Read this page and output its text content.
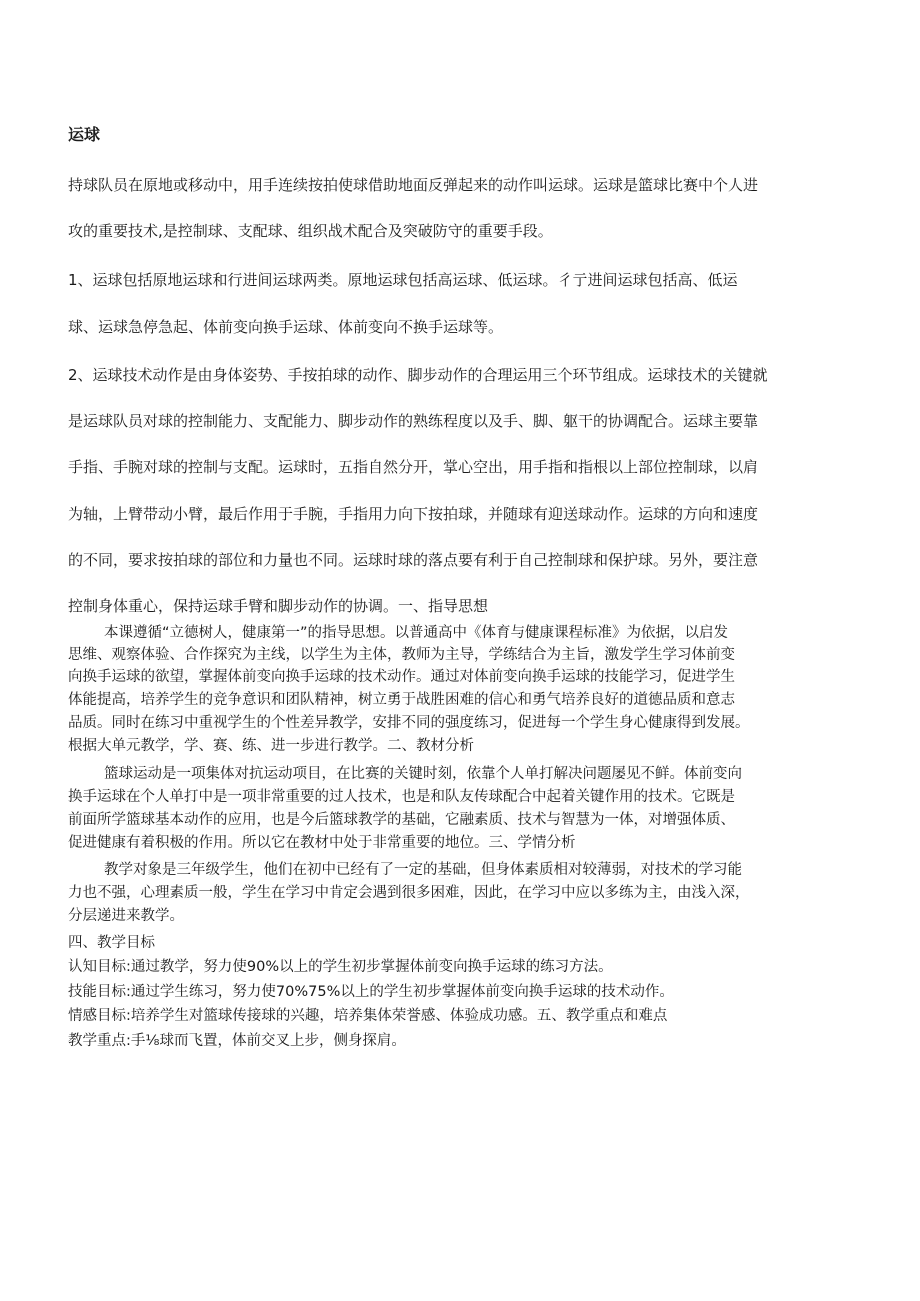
运球
持球队员在原地或移动中，用手连续按拍使球借助地面反弹起来的动作叫运球。运球是篮球比赛中个人进
攻的重要技术,是控制球、支配球、组织战术配合及突破防守的重要手段。
1、运球包括原地运球和行进间运球两类。原地运球包括高运球、低运球。彳亍进间运球包括高、低运
球、运球急停急起、体前变向换手运球、体前变向不换手运球等。
2、运球技术动作是由身体姿势、手按拍球的动作、脚步动作的合理运用三个环节组成。运球技术的关键就
是运球队员对球的控制能力、支配能力、脚步动作的熟练程度以及手、脚、躯干的协调配合。运球主要靠
手指、手腕对球的控制与支配。运球时，五指自然分开，掌心空出，用手指和指根以上部位控制球，以肩
为轴，上臂带动小臂，最后作用于手腕，手指用力向下按拍球，并随球有迎送球动作。运球的方向和速度
的不同，要求按拍球的部位和力量也不同。运球时球的落点要有利于自己控制球和保护球。另外，要注意
控制身体重心，保持运球手臂和脚步动作的协调。一、指导思想
本课遵循“立德树人，健康第一”的指导思想。以普通高中《体育与健康课程标准》为依据，以启发
思维、观察体验、合作探究为主线，以学生为主体，教师为主导，学练结合为主旨，激发学生学习体前变
向换手运球的欲望，掌握体前变向换手运球的技术动作。通过对体前变向换手运球的技能学习，促进学生
体能提高，培养学生的竞争意识和团队精神，树立勇于战胜困难的信心和勇气培养良好的道德品质和意志
品质。同时在练习中重视学生的个性差异教学，安排不同的强度练习，促进每一个学生身心健康得到发展。
根据大单元教学，学、赛、练、进一步进行教学。二、教材分析
篮球运动是一项集体对抗运动项目，在比赛的关键时刻，依靠个人单打解决问题屡见不鲜。体前变向
换手运球在个人单打中是一项非常重要的过人技术，也是和队友传球配合中起着关键作用的技术。它既是
前面所学篮球基本动作的应用，也是今后篮球教学的基础，它融素质、技术与智慧为一体，对增强体质、
促进健康有着积极的作用。所以它在教材中处于非常重要的地位。三、学情分析
教学对象是三年级学生，他们在初中已经有了一定的基础，但身体素质相对较薄弱，对技术的学习能
力也不强，心理素质一般，学生在学习中肯定会遇到很多困难，因此，在学习中应以多练为主，由浅入深，
分层递进来教学。
四、教学目标
认知目标:通过教学，努力使90%以上的学生初步掌握体前变向换手运球的练习方法。
技能目标:通过学生练习，努力使70%75%以上的学生初步掌握体前变向换手运球的技术动作。
情感目标:培养学生对篮球传接球的兴趣，培养集体荣誉感、体验成功感。五、教学重点和难点
教学重点:手⅛球而飞置，体前交叉上步，侧身探肩。
